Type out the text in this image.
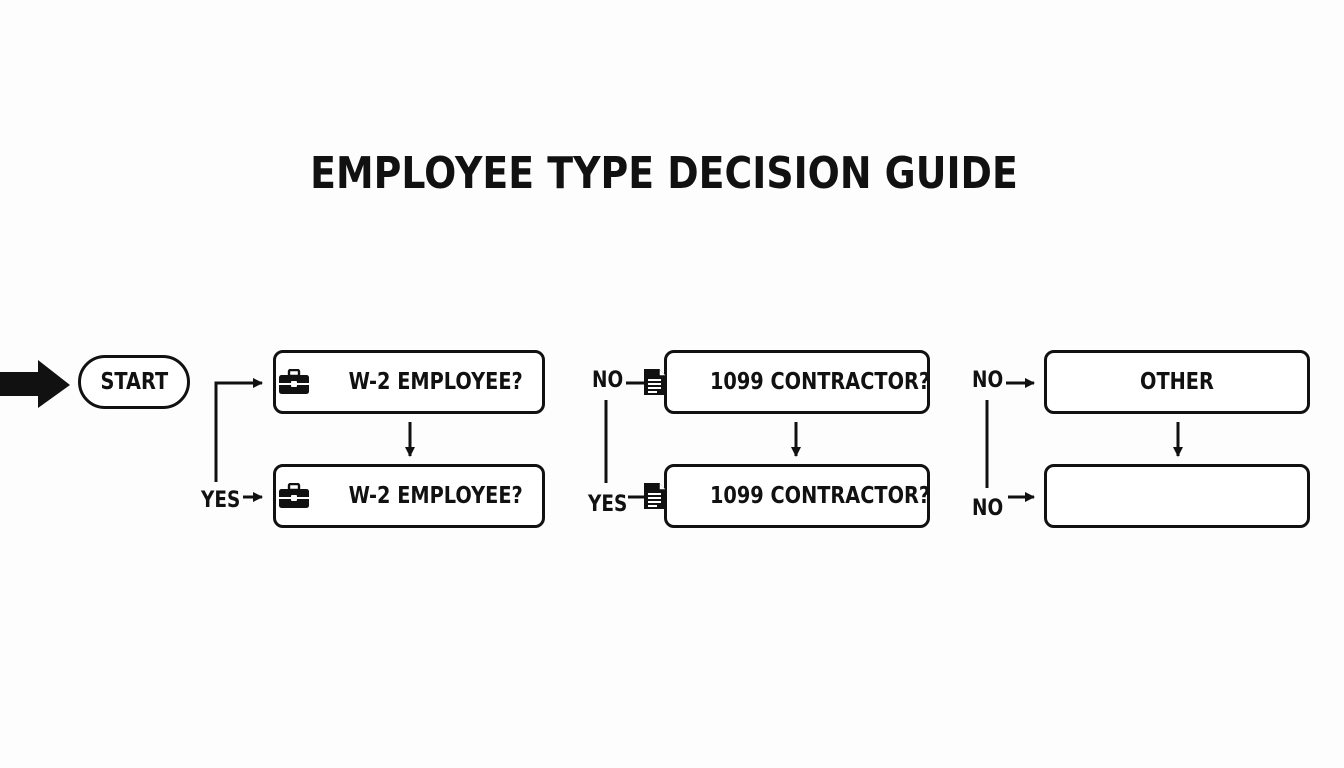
EMPLOYEE TYPE DECISION GUIDE
START	W-2 EMPLOYEE?
W-2 EMPLOYEE?
1099 CONTRACTOR?
1099 CONTRACTOR?
OTHER
YES
NO
YES
NO
NO
